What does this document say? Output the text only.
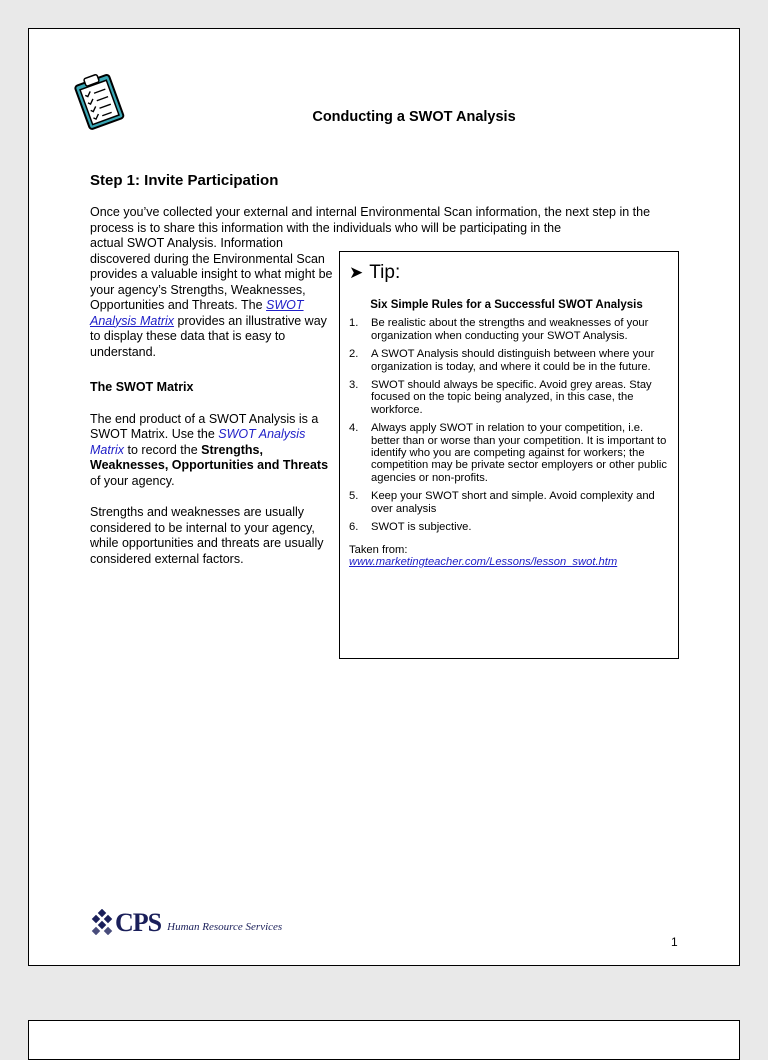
Conducting a SWOT Analysis
Step 1: Invite Participation
Once you’ve collected your external and internal Environmental Scan information, the next step in the process is to share this information with the individuals who will be participating in the

actual SWOT Analysis. Information discovered during the Environmental Scan provides a valuable insight to what might be your agency’s Strengths, Weaknesses, Opportunities and Threats. The SWOT Analysis Matrix provides an illustrative way to display these data that is easy to understand.

The SWOT Matrix

The end product of a SWOT Analysis is a SWOT Matrix. Use the SWOT Analysis Matrix to record the Strengths, Weaknesses, Opportunities and Threats of your agency.

Strengths and weaknesses are usually considered to be internal to your agency, while opportunities and threats are usually considered external factors.

➤ Tip:
Six Simple Rules for a Successful SWOT Analysis
1.	Be realistic about the strengths and weaknesses of your organization when conducting your SWOT Analysis.
2.	A SWOT Analysis should distinguish between where your organization is today, and where it could be in the future.
3.	SWOT should always be specific. Avoid grey areas. Stay focused on the topic being analyzed, in this case, the workforce.
4.	Always apply SWOT in relation to your competition, i.e. better than or worse than your competition. It is important to identify who you are competing against for workers; the competition may be private sector employers or other public agencies or non-profits.
5.	Keep your SWOT short and simple. Avoid complexity and over analysis
6.	SWOT is subjective.
Taken from:
www.marketingteacher.com/Lessons/lesson_swot.htm
CPS Human Resource Services
1
